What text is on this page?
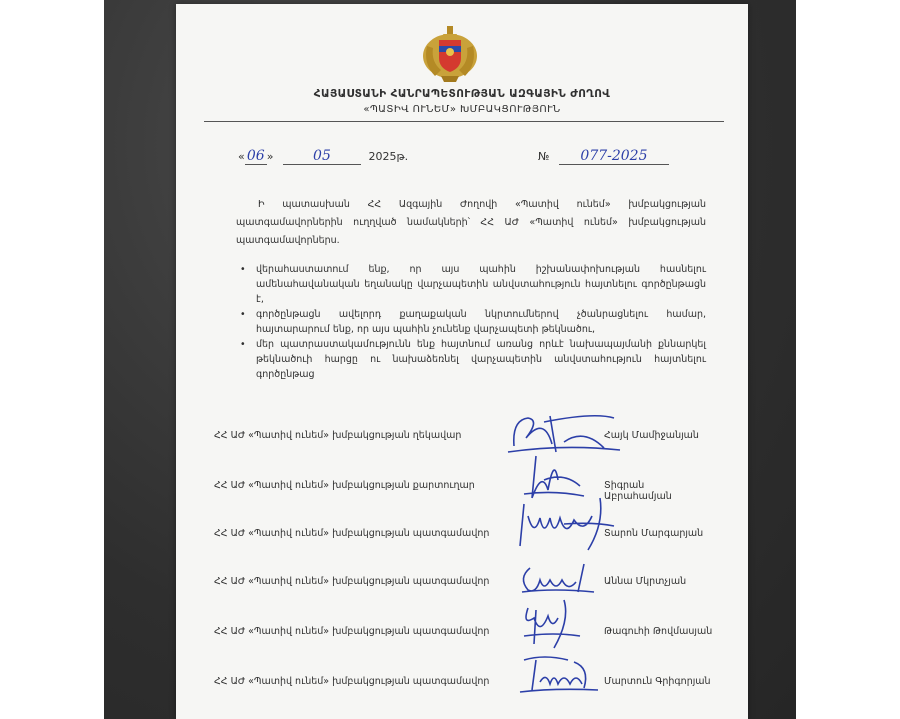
ՀԱՅԱՍՏԱՆԻ ՀԱՆՐԱՊԵՏՈՒԹՅԱՆ ԱԶԳԱՅԻՆ ԺՈՂՈՎ
«ՊԱՏԻՎ ՈՒՆԵՄ» ԽՄԲԱԿՑՈՒԹՅՈՒՆ
« 06 »	05	2025թ.	№ 077-2025
Ի պատասխան ՀՀ Ազգային Ժողովի «Պատիվ ունեմ» խմբակցության պատգամավորներին ուղղված նամակների՝ ՀՀ ԱԺ «Պատիվ ունեմ» խմբակցության պատգամավորներս.
• վերահաստատում ենք, որ այս պահին իշխանափոխության հասնելու ամենահավանական եղանակը վարչապետին անվստահություն հայտնելու գործընթացն է,
• գործընթացն ավելորդ քաղաքական նկրտումներով չծանրացնելու համար, հայտարարում ենք, որ այս պահին չունենք վարչապետի թեկնածու,
• մեր պատրաստակամությունն ենք հայտնում առանց որևէ նախապայմանի քննարկել թեկնածուի հարցը ու նախաձեռնել վարչապետին անվստահություն հայտնելու գործընթաց
ՀՀ ԱԺ «Պատիվ ունեմ» խմբակցության ղեկավար	Հայկ Մամիջանյան
ՀՀ ԱԺ «Պատիվ ունեմ» խմբակցության քարտուղար	Տիգրան Աբրահամյան
ՀՀ ԱԺ «Պատիվ ունեմ» խմբակցության պատգամավոր	Տարոն Մարգարյան
ՀՀ ԱԺ «Պատիվ ունեմ» խմբակցության պատգամավոր	Աննա Մկրտչյան
ՀՀ ԱԺ «Պատիվ ունեմ» խմբակցության պատգամավոր	Թագուհի Թովմասյան
ՀՀ ԱԺ «Պատիվ ունեմ» խմբակցության պատգամավոր	Մարտուն Գրիգորյան
